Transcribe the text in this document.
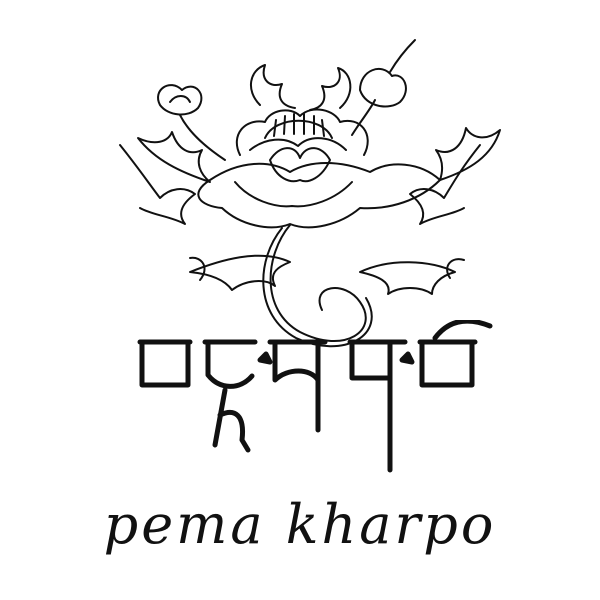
pema kharpo
